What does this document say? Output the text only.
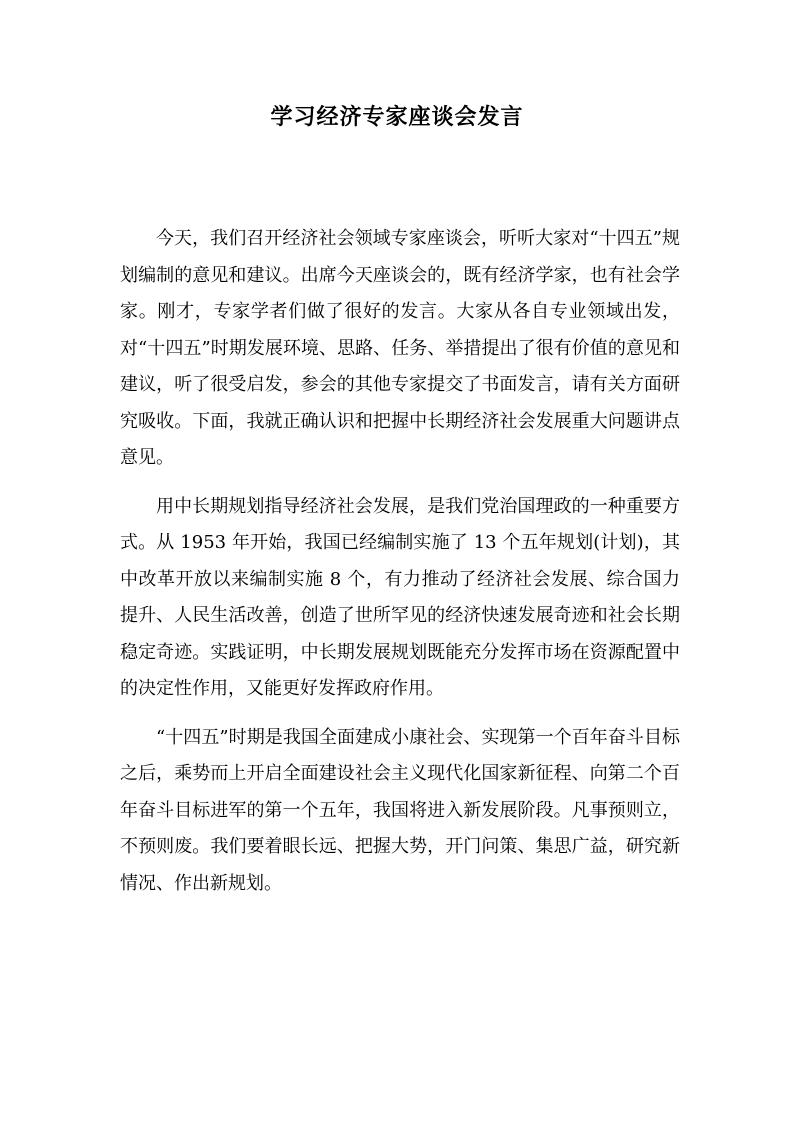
学习经济专家座谈会发言

今天，我们召开经济社会领域专家座谈会，听听大家对“十四五”规划编制的意见和建议。出席今天座谈会的，既有经济学家，也有社会学家。刚才，专家学者们做了很好的发言。大家从各自专业领域出发，对“十四五”时期发展环境、思路、任务、举措提出了很有价值的意见和建议，听了很受启发，参会的其他专家提交了书面发言，请有关方面研究吸收。下面，我就正确认识和把握中长期经济社会发展重大问题讲点意见。

用中长期规划指导经济社会发展，是我们党治国理政的一种重要方式。从 1953 年开始，我国已经编制实施了 13 个五年规划(计划)，其中改革开放以来编制实施 8 个，有力推动了经济社会发展、综合国力提升、人民生活改善，创造了世所罕见的经济快速发展奇迹和社会长期稳定奇迹。实践证明，中长期发展规划既能充分发挥市场在资源配置中的决定性作用，又能更好发挥政府作用。

“十四五”时期是我国全面建成小康社会、实现第一个百年奋斗目标之后，乘势而上开启全面建设社会主义现代化国家新征程、向第二个百年奋斗目标进军的第一个五年，我国将进入新发展阶段。凡事预则立，不预则废。我们要着眼长远、把握大势，开门问策、集思广益，研究新情况、作出新规划。
